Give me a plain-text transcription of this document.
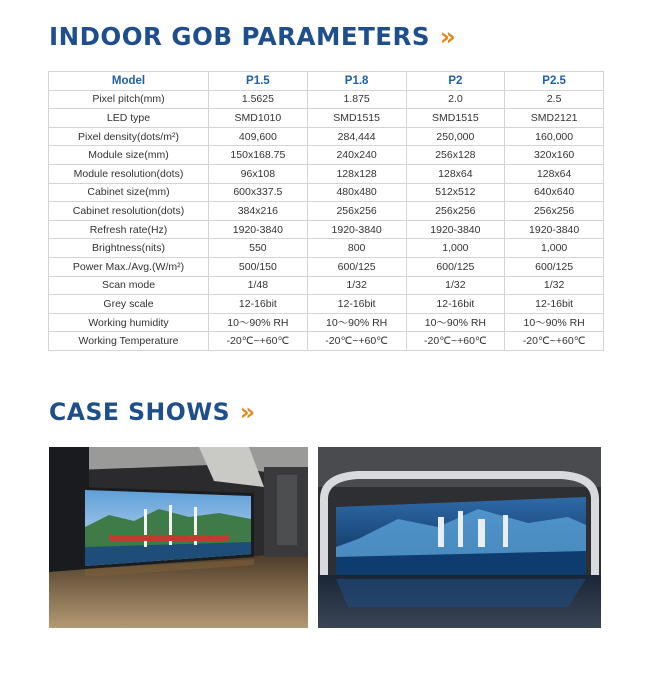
INDOOR GOB PARAMETERS »
Model	P1.5	P1.8	P2	P2.5
Pixel pitch(mm)	1.5625	1.875	2.0	2.5
LED type	SMD1010	SMD1515	SMD1515	SMD2121
Pixel density(dots/m²)	409,600	284,444	250,000	160,000
Module size(mm)	150x168.75	240x240	256x128	320x160
Module resolution(dots)	96x108	128x128	128x64	128x64
Cabinet size(mm)	600x337.5	480x480	512x512	640x640
Cabinet resolution(dots)	384x216	256x256	256x256	256x256
Refresh rate(Hz)	1920-3840	1920-3840	1920-3840	1920-3840
Brightness(nits)	550	800	1,000	1,000
Power Max./Avg.(W/m²)	500/150	600/125	600/125	600/125
Scan mode	1/48	1/32	1/32	1/32
Grey scale	12-16bit	12-16bit	12-16bit	12-16bit
Working humidity	10～90% RH	10～90% RH	10～90% RH	10～90% RH
Working Temperature	-20℃~+60℃	-20℃~+60℃	-20℃~+60℃	-20℃~+60℃
CASE SHOWS »
